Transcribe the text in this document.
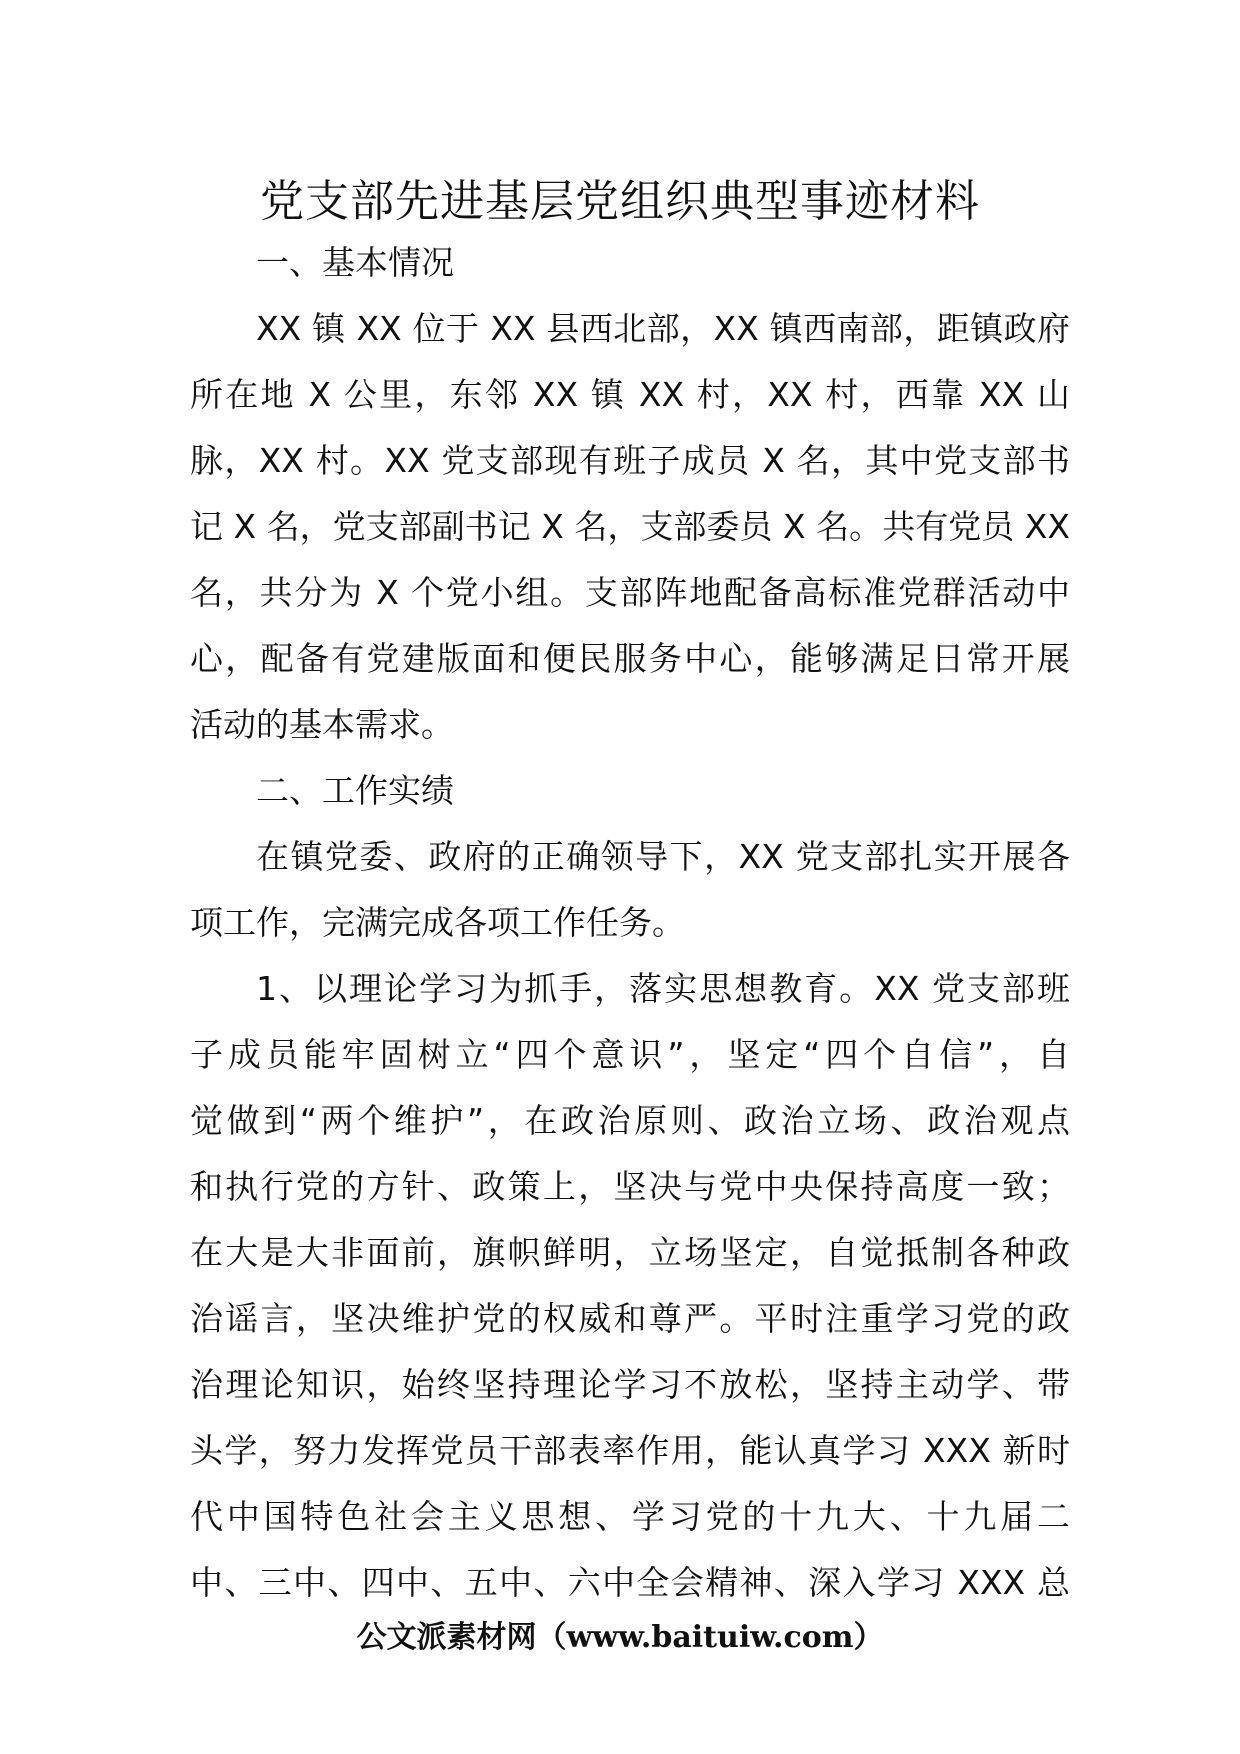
党支部先进基层党组织典型事迹材料

一、基本情况

XX 镇 XX 位于 XX 县西北部，XX 镇西南部，距镇政府

所在地 X 公里，东邻 XX 镇 XX 村，XX 村，西靠 XX 山

脉，XX 村。XX 党支部现有班子成员 X 名，其中党支部书

记 X 名，党支部副书记 X 名，支部委员 X 名。共有党员 XX

名，共分为 X 个党小组。支部阵地配备高标准党群活动中

心，配备有党建版面和便民服务中心，能够满足日常开展

活动的基本需求。

二、工作实绩

在镇党委、政府的正确领导下，XX 党支部扎实开展各

项工作，完满完成各项工作任务。

1、以理论学习为抓手，落实思想教育。XX 党支部班

子成员能牢固树立“四个意识”，坚定“四个自信”，自

觉做到“两个维护”，在政治原则、政治立场、政治观点

和执行党的方针、政策上，坚决与党中央保持高度一致；

在大是大非面前，旗帜鲜明，立场坚定，自觉抵制各种政

治谣言，坚决维护党的权威和尊严。平时注重学习党的政

治理论知识，始终坚持理论学习不放松，坚持主动学、带

头学，努力发挥党员干部表率作用，能认真学习 XXX 新时

代中国特色社会主义思想、学习党的十九大、十九届二

中、三中、四中、五中、六中全会精神、深入学习 XXX 总

公文派素材网（www.baituiw.com）
